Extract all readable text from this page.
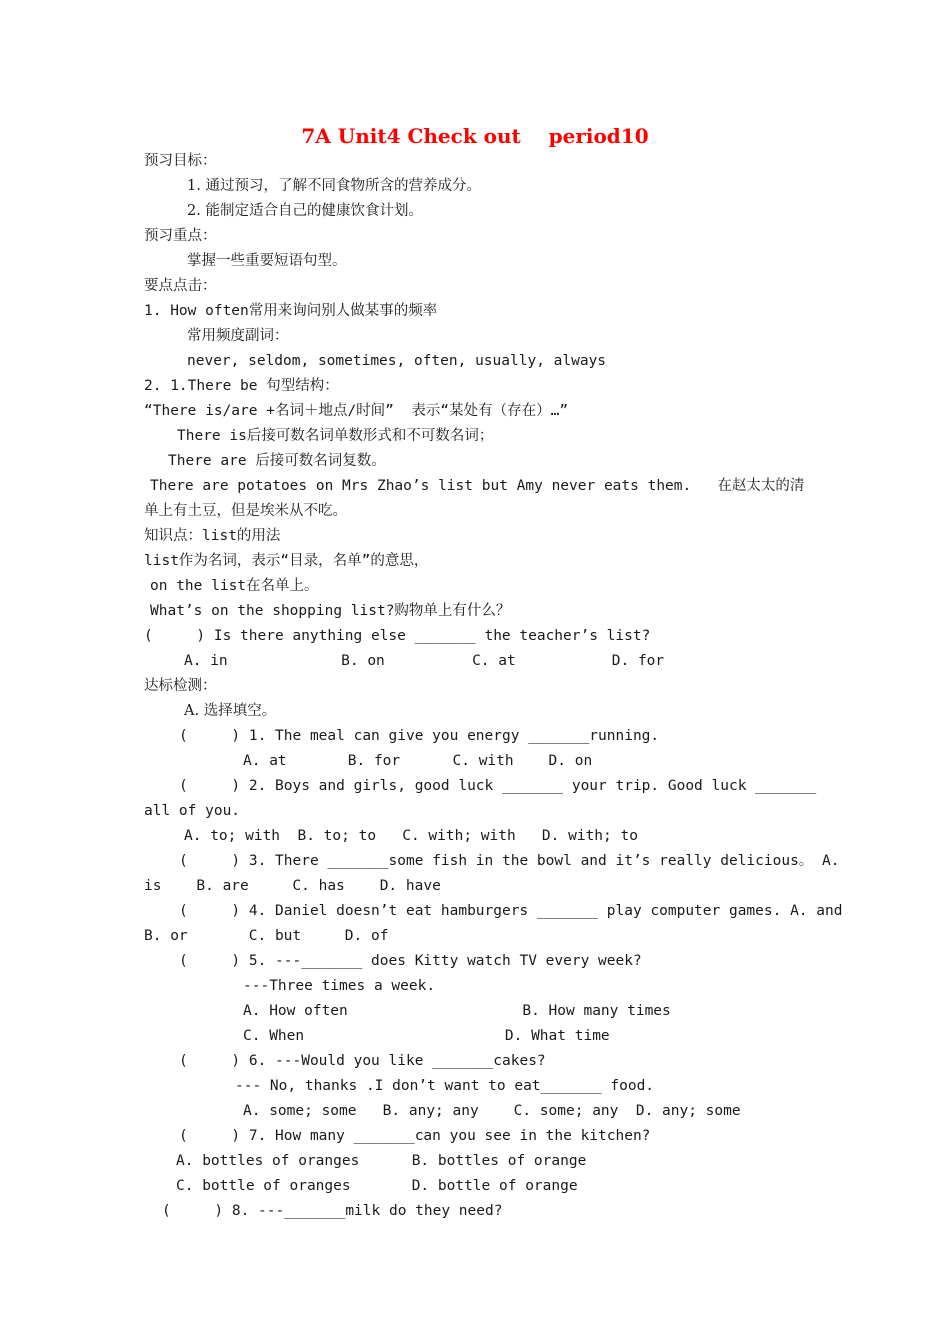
7A Unit4 Check out    period10
预习目标：
1. 通过预习，了解不同食物所含的营养成分。
2. 能制定适合自己的健康饮食计划。
预习重点：
掌握一些重要短语句型。
要点点击：
1. How often常用来询问别人做某事的频率
常用频度副词：
never, seldom, sometimes, often, usually, always
2. 1.There be 句型结构：
“There is/are +名词＋地点/时间”  表示“某处有（存在）…”
There is后接可数名词单数形式和不可数名词；
There are 后接可数名词复数。
There are potatoes on Mrs Zhao’s list but Amy never eats them.   在赵太太的清
单上有土豆，但是埃米从不吃。
知识点：list的用法
list作为名词，表示“目录，名单”的意思，
on the list在名单上。
What’s on the shopping list?购物单上有什么？
(     ) Is there anything else _______ the teacher’s list?
A. in             B. on          C. at           D. for
达标检测：
A. 选择填空。
(     ) 1. The meal can give you energy _______running.
A. at       B. for      C. with    D. on
(     ) 2. Boys and girls, good luck _______ your trip. Good luck _______
all of you.
A. to; with  B. to; to   C. with; with   D. with; to
(     ) 3. There _______some fish in the bowl and it’s really delicious。 A.
is    B. are     C. has    D. have
(     ) 4. Daniel doesn’t eat hamburgers _______ play computer games. A. and
B. or       C. but     D. of
(     ) 5. ---_______ does Kitty watch TV every week?
---Three times a week.
A. How often                    B. How many times
C. When                       D. What time
(     ) 6. ---Would you like _______cakes?
--- No, thanks .I don’t want to eat_______ food.
A. some; some   B. any; any    C. some; any  D. any; some
(     ) 7. How many _______can you see in the kitchen?
A. bottles of oranges      B. bottles of orange
C. bottle of oranges       D. bottle of orange
(     ) 8. ---_______milk do they need?
